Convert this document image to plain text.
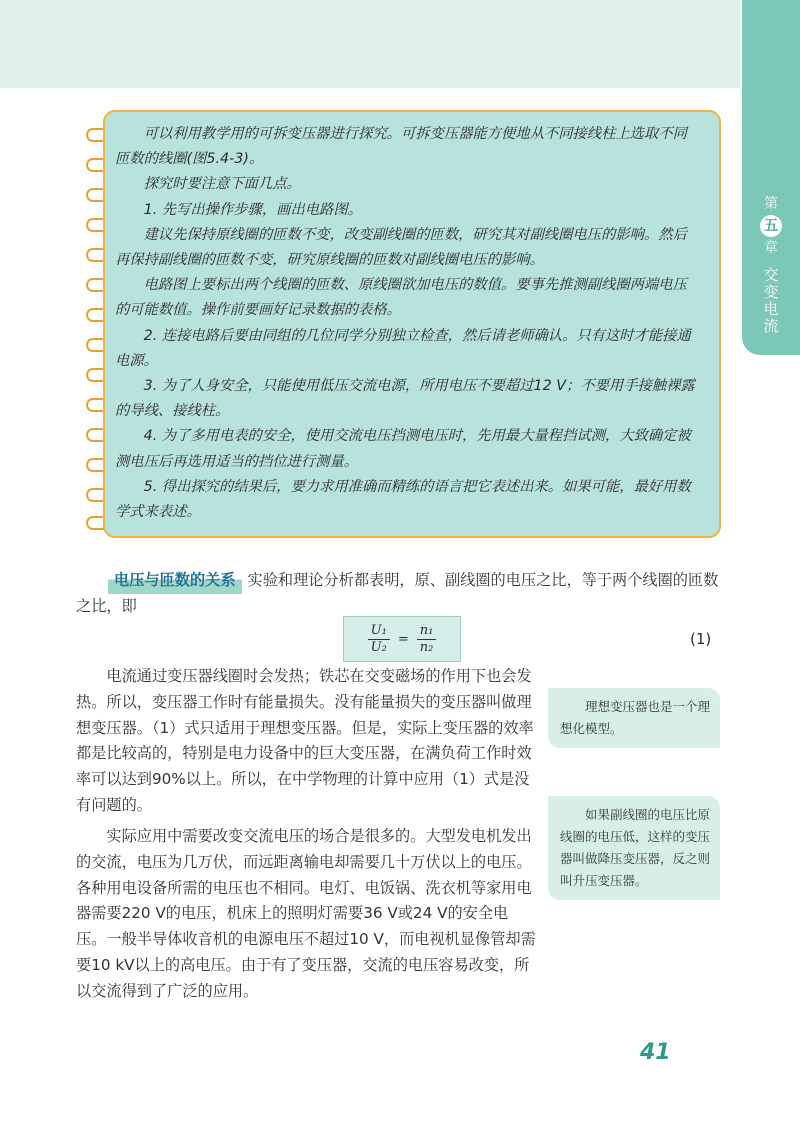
第
五
章
交变电流

可以利用教学用的可拆变压器进行探究。可拆变压器能方便地从不同接线柱上选取不同匝数的线圈(图5.4-3)。

探究时要注意下面几点。

1. 先写出操作步骤，画出电路图。

建议先保持原线圈的匝数不变，改变副线圈的匝数，研究其对副线圈电压的影响。然后再保持副线圈的匝数不变，研究原线圈的匝数对副线圈电压的影响。

电路图上要标出两个线圈的匝数、原线圈欲加电压的数值。要事先推测副线圈两端电压的可能数值。操作前要画好记录数据的表格。

2. 连接电路后要由同组的几位同学分别独立检查，然后请老师确认。只有这时才能接通电源。

3. 为了人身安全，只能使用低压交流电源，所用电压不要超过12 V；不要用手接触裸露的导线、接线柱。

4. 为了多用电表的安全，使用交流电压挡测电压时，先用最大量程挡试测，大致确定被测电压后再选用适当的挡位进行测量。

5. 得出探究的结果后，要力求用准确而精练的语言把它表述出来。如果可能，最好用数学式来表述。

电压与匝数的关系 实验和理论分析都表明，原、副线圈的电压之比，等于两个线圈的匝数之比，即

$\frac{\text{U₁}}{\text{U₂}} = \frac{\text{n₁}}{\text{n₂}}$	(1)

电流通过变压器线圈时会发热；铁芯在交变磁场的作用下也会发热。所以，变压器工作时有能量损失。没有能量损失的变压器叫做理想变压器。（1）式只适用于理想变压器。但是，实际上变压器的效率都是比较高的，特别是电力设备中的巨大变压器，在满负荷工作时效率可以达到90%以上。所以，在中学物理的计算中应用（1）式是没有问题的。

实际应用中需要改变交流电压的场合是很多的。大型发电机发出的交流，电压为几万伏，而远距离输电却需要几十万伏以上的电压。各种用电设备所需的电压也不相同。电灯、电饭锅、洗衣机等家用电器需要220 V的电压，机床上的照明灯需要36 V或24 V的安全电压。一般半导体收音机的电源电压不超过10 V，而电视机显像管却需要10 kV以上的高电压。由于有了变压器，交流的电压容易改变，所以交流得到了广泛的应用。

理想变压器也是一个理想化模型。

如果副线圈的电压比原线圈的电压低，这样的变压器叫做降压变压器，反之则叫升压变压器。

41
